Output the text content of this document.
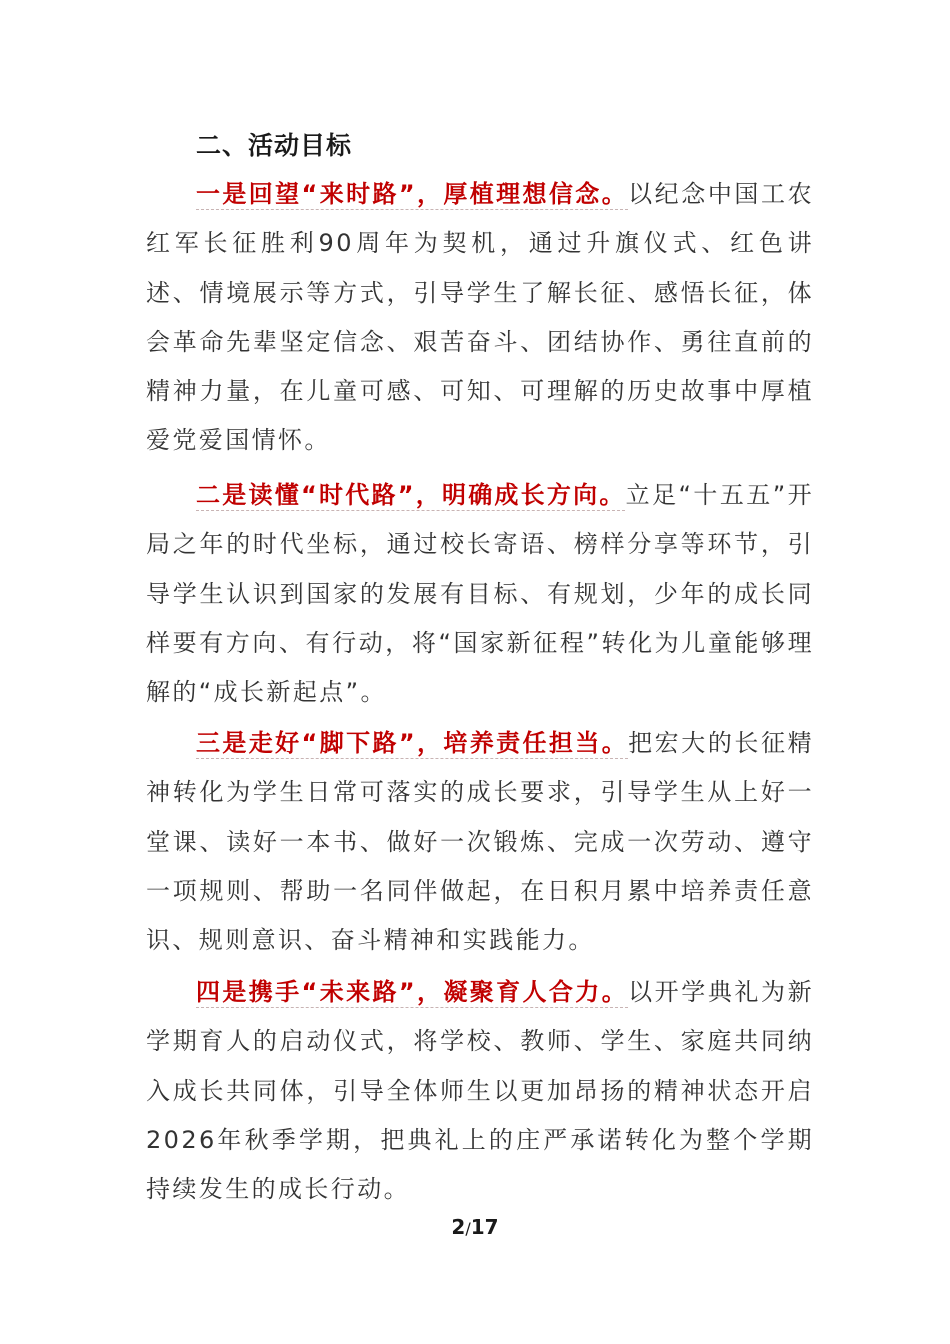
二、活动目标

一是回望“来时路”，厚植理想信念。以纪念中国工农红军长征胜利90周年为契机，通过升旗仪式、红色讲述、情境展示等方式，引导学生了解长征、感悟长征，体会革命先辈坚定信念、艰苦奋斗、团结协作、勇往直前的精神力量，在儿童可感、可知、可理解的历史故事中厚植爱党爱国情怀。

二是读懂“时代路”，明确成长方向。立足“十五五”开局之年的时代坐标，通过校长寄语、榜样分享等环节，引导学生认识到国家的发展有目标、有规划，少年的成长同样要有方向、有行动，将“国家新征程”转化为儿童能够理解的“成长新起点”。

三是走好“脚下路”，培养责任担当。把宏大的长征精神转化为学生日常可落实的成长要求，引导学生从上好一堂课、读好一本书、做好一次锻炼、完成一次劳动、遵守一项规则、帮助一名同伴做起，在日积月累中培养责任意识、规则意识、奋斗精神和实践能力。

四是携手“未来路”，凝聚育人合力。以开学典礼为新学期育人的启动仪式，将学校、教师、学生、家庭共同纳入成长共同体，引导全体师生以更加昂扬的精神状态开启2026年秋季学期，把典礼上的庄严承诺转化为整个学期持续发生的成长行动。

2/17
